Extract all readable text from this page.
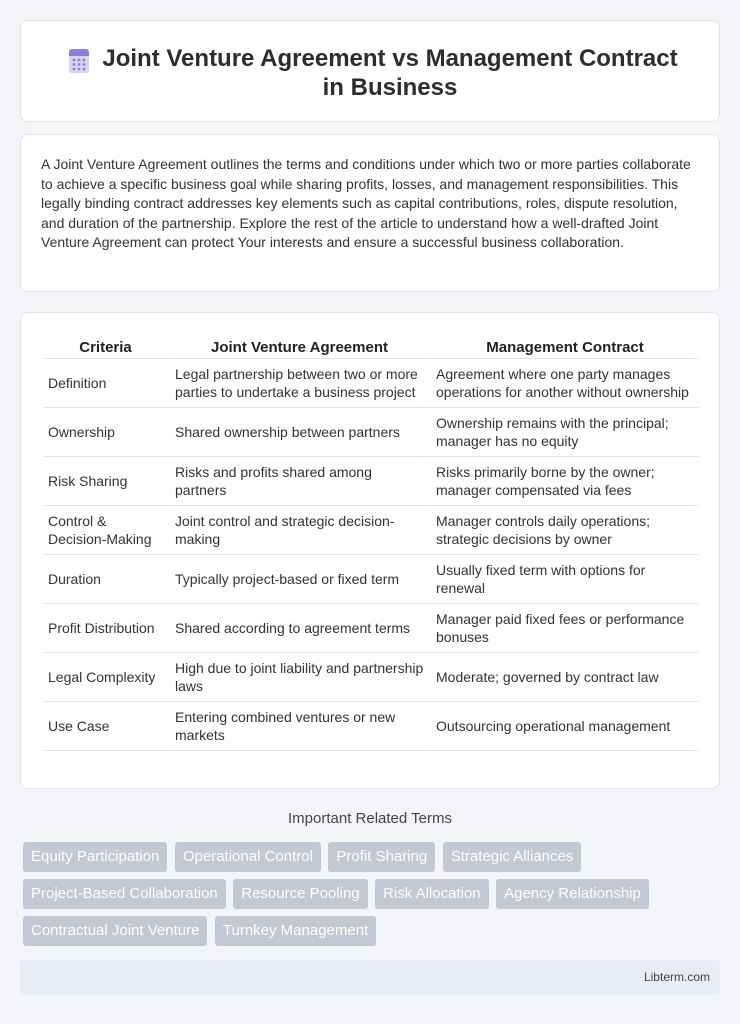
Joint Venture Agreement vs Management Contract in Business

A Joint Venture Agreement outlines the terms and conditions under which two or more parties collaborate to achieve a specific business goal while sharing profits, losses, and management responsibilities. This legally binding contract addresses key elements such as capital contributions, roles, dispute resolution, and duration of the partnership. Explore the rest of the article to understand how a well-drafted Joint Venture Agreement can protect Your interests and ensure a successful business collaboration.

Criteria	Joint Venture Agreement	Management Contract
Definition	Legal partnership between two or more parties to undertake a business project	Agreement where one party manages operations for another without ownership
Ownership	Shared ownership between partners	Ownership remains with the principal; manager has no equity
Risk Sharing	Risks and profits shared among partners	Risks primarily borne by the owner; manager compensated via fees
Control & Decision-Making	Joint control and strategic decision-making	Manager controls daily operations; strategic decisions by owner
Duration	Typically project-based or fixed term	Usually fixed term with options for renewal
Profit Distribution	Shared according to agreement terms	Manager paid fixed fees or performance bonuses
Legal Complexity	High due to joint liability and partnership laws	Moderate; governed by contract law
Use Case	Entering combined ventures or new markets	Outsourcing operational management
Important Related Terms
Equity Participation Operational Control Profit Sharing Strategic Alliances Project-Based Collaboration Resource Pooling Risk Allocation Agency Relationship Contractual Joint Venture Turnkey Management
Libterm.com
